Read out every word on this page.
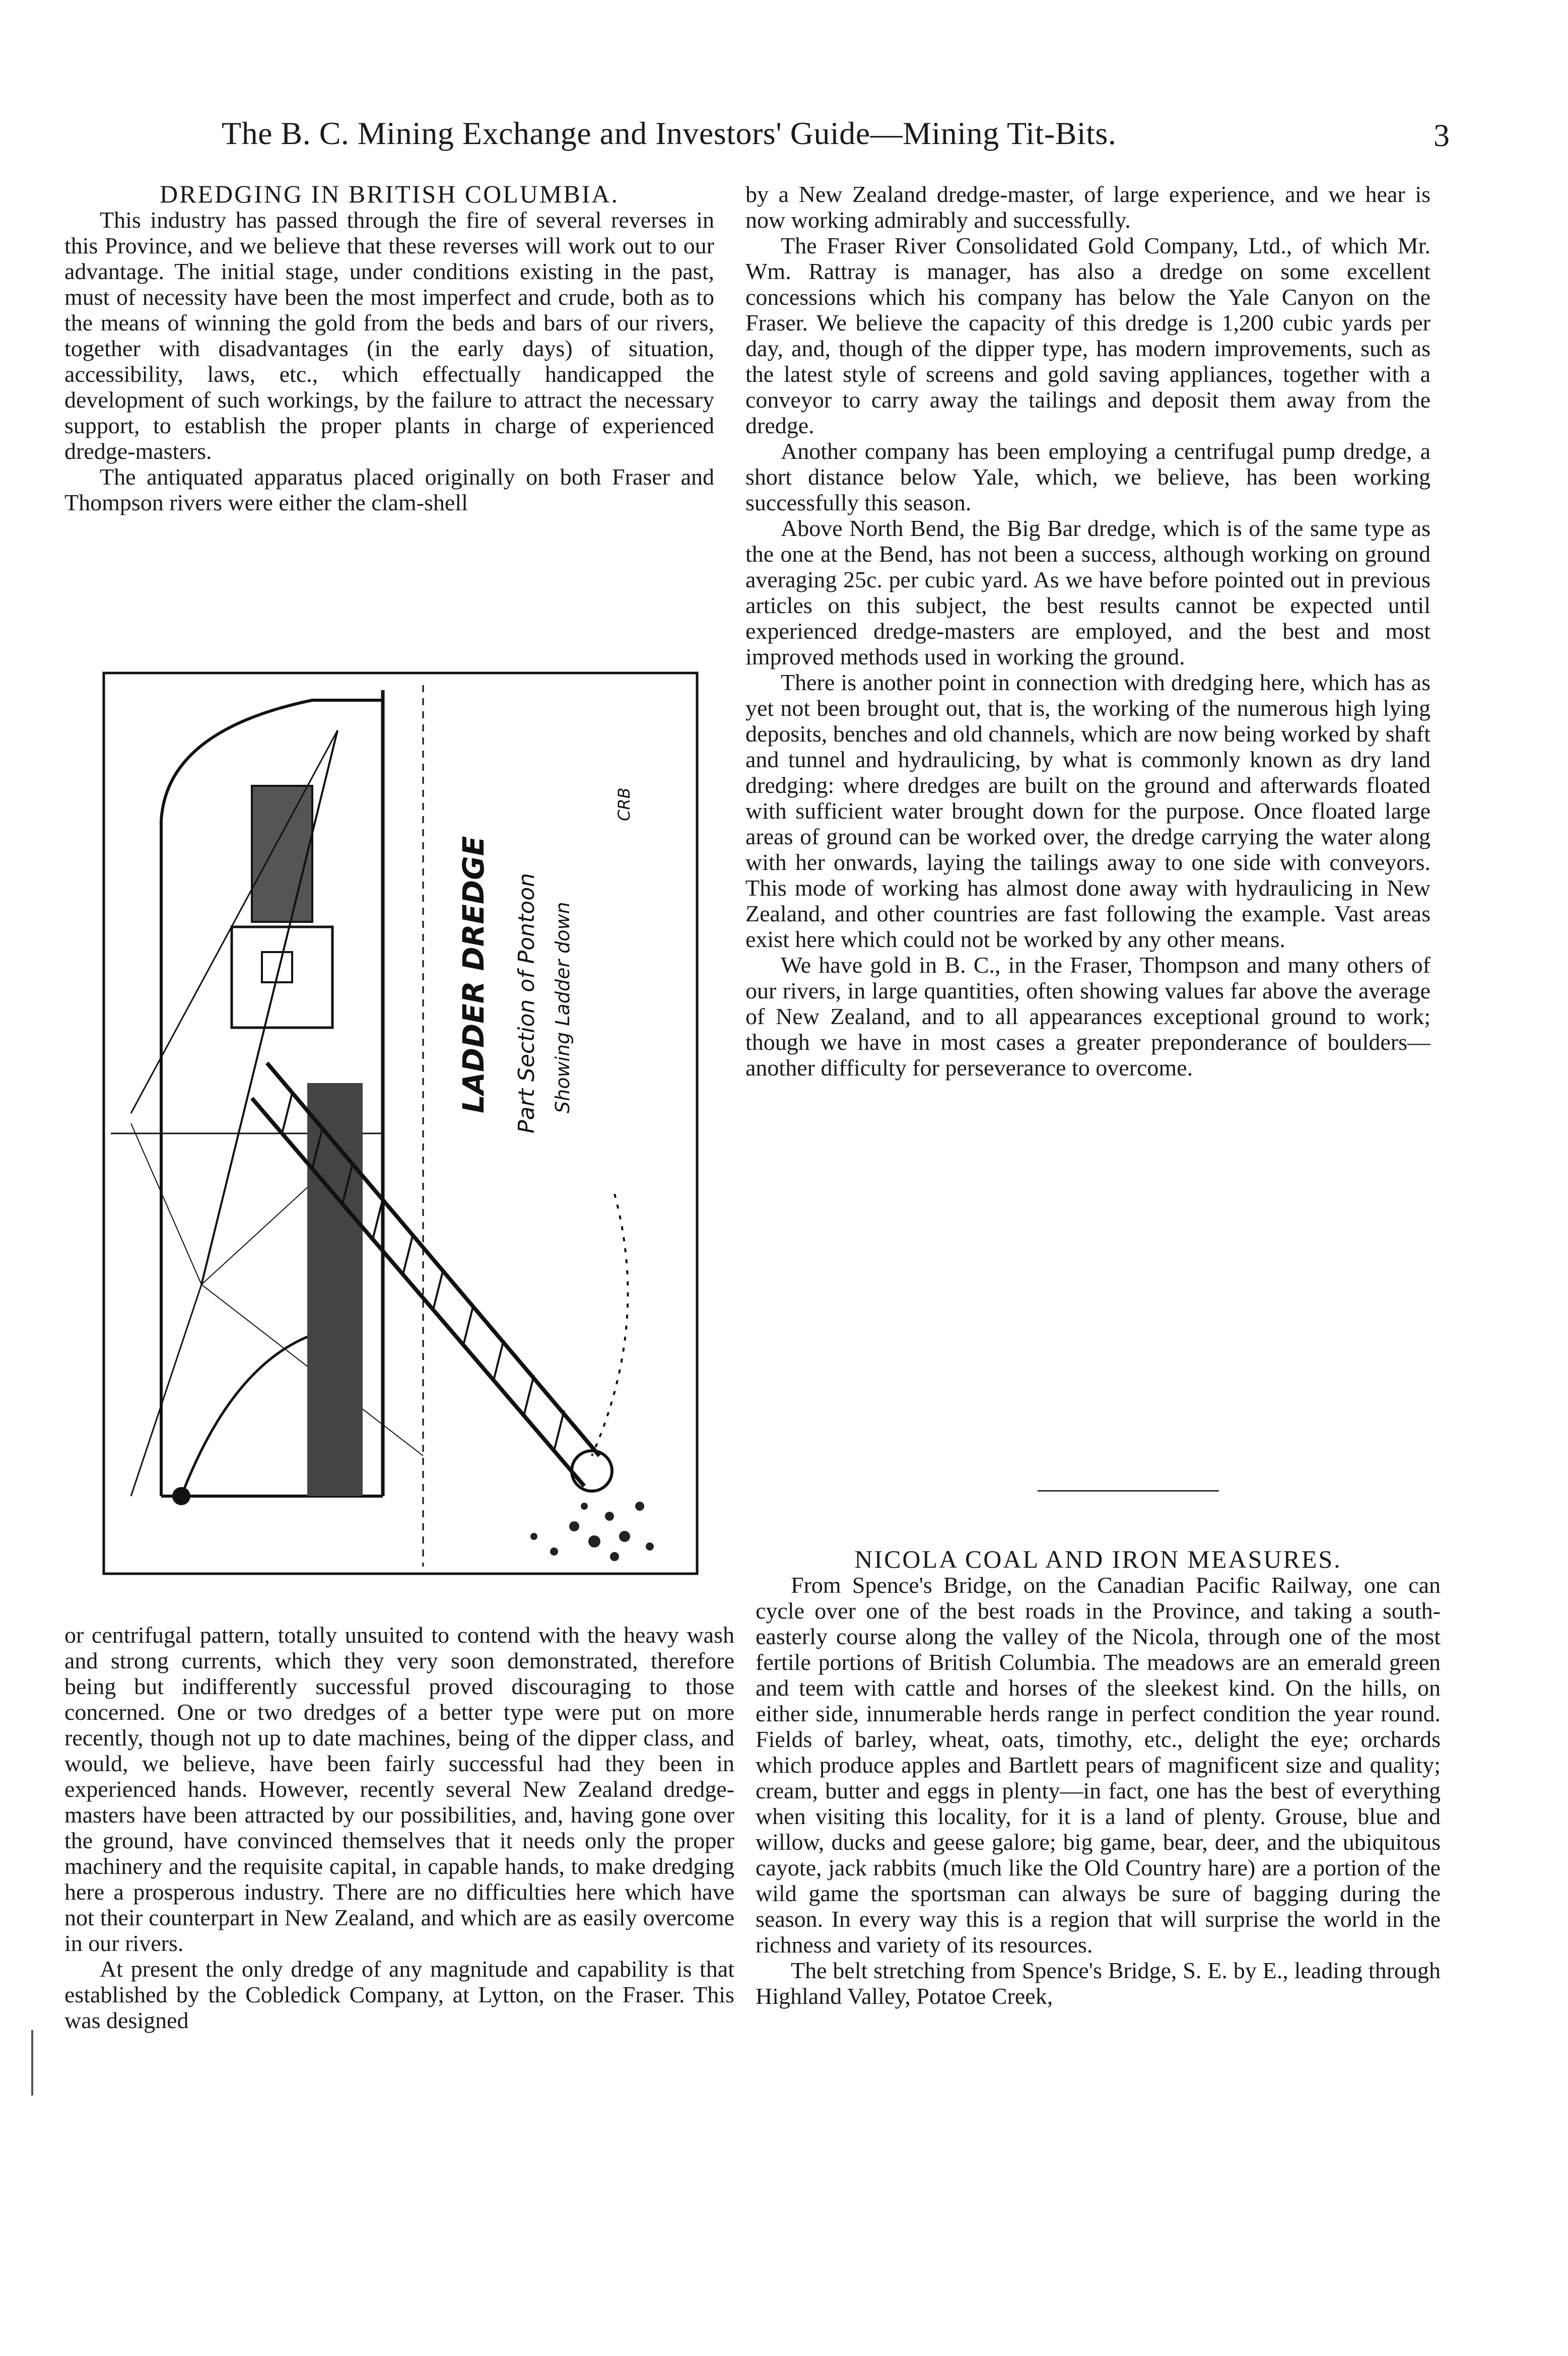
The B. C. Mining Exchange and Investors' Guide—Mining Tit-Bits.	3

DREDGING IN BRITISH COLUMBIA.

This industry has passed through the fire of several reverses in this Province, and we believe that these reverses will work out to our advantage. The initial stage, under conditions existing in the past, must of necessity have been the most imperfect and crude, both as to the means of winning the gold from the beds and bars of our rivers, together with disadvantages (in the early days) of situation, accessibility, laws, etc., which effectually handicapped the development of such workings, by the failure to attract the necessary support, to establish the proper plants in charge of experienced dredge-masters.

The antiquated apparatus placed originally on both Fraser and Thompson rivers were either the clam-shell

LADDER DREDGE Part Section of Pontoon Showing Ladder down
CRB

or centrifugal pattern, totally unsuited to contend with the heavy wash and strong currents, which they very soon demonstrated, therefore being but indifferently successful proved discouraging to those concerned. One or two dredges of a better type were put on more recently, though not up to date machines, being of the dipper class, and would, we believe, have been fairly successful had they been in experienced hands. However, recently several New Zealand dredge-masters have been attracted by our possibilities, and, having gone over the ground, have convinced themselves that it needs only the proper machinery and the requisite capital, in capable hands, to make dredging here a prosperous industry. There are no difficulties here which have not their counterpart in New Zealand, and which are as easily overcome in our rivers.

At present the only dredge of any magnitude and capability is that established by the Cobledick Company, at Lytton, on the Fraser. This was designed

by a New Zealand dredge-master, of large experience, and we hear is now working admirably and successfully.

The Fraser River Consolidated Gold Company, Ltd., of which Mr. Wm. Rattray is manager, has also a dredge on some excellent concessions which his company has below the Yale Canyon on the Fraser. We believe the capacity of this dredge is 1,200 cubic yards per day, and, though of the dipper type, has modern improvements, such as the latest style of screens and gold saving appliances, together with a conveyor to carry away the tailings and deposit them away from the dredge.

Another company has been employing a centrifugal pump dredge, a short distance below Yale, which, we believe, has been working successfully this season.

Above North Bend, the Big Bar dredge, which is of the same type as the one at the Bend, has not been a success, although working on ground averaging 25c. per cubic yard. As we have before pointed out in previous articles on this subject, the best results cannot be expected until experienced dredge-masters are employed, and the best and most improved methods used in working the ground.

There is another point in connection with dredging here, which has as yet not been brought out, that is, the working of the numerous high lying deposits, benches and old channels, which are now being worked by shaft and tunnel and hydraulicing, by what is commonly known as dry land dredging: where dredges are built on the ground and afterwards floated with sufficient water brought down for the purpose. Once floated large areas of ground can be worked over, the dredge carrying the water along with her onwards, laying the tailings away to one side with conveyors. This mode of working has almost done away with hydraulicing in New Zealand, and other countries are fast following the example. Vast areas exist here which could not be worked by any other means.

We have gold in B. C., in the Fraser, Thompson and many others of our rivers, in large quantities, often showing values far above the average of New Zealand, and to all appearances exceptional ground to work; though we have in most cases a greater preponderance of boulders—another difficulty for perseverance to overcome.

NICOLA COAL AND IRON MEASURES.

From Spence's Bridge, on the Canadian Pacific Railway, one can cycle over one of the best roads in the Province, and taking a south-easterly course along the valley of the Nicola, through one of the most fertile portions of British Columbia. The meadows are an emerald green and teem with cattle and horses of the sleekest kind. On the hills, on either side, innumerable herds range in perfect condition the year round. Fields of barley, wheat, oats, timothy, etc., delight the eye; orchards which produce apples and Bartlett pears of magnificent size and quality; cream, butter and eggs in plenty—in fact, one has the best of everything when visiting this locality, for it is a land of plenty. Grouse, blue and willow, ducks and geese galore; big game, bear, deer, and the ubiquitous cayote, jack rabbits (much like the Old Country hare) are a portion of the wild game the sportsman can always be sure of bagging during the season. In every way this is a region that will surprise the world in the richness and variety of its resources.

The belt stretching from Spence's Bridge, S. E. by E., leading through Highland Valley, Potatoe Creek,
